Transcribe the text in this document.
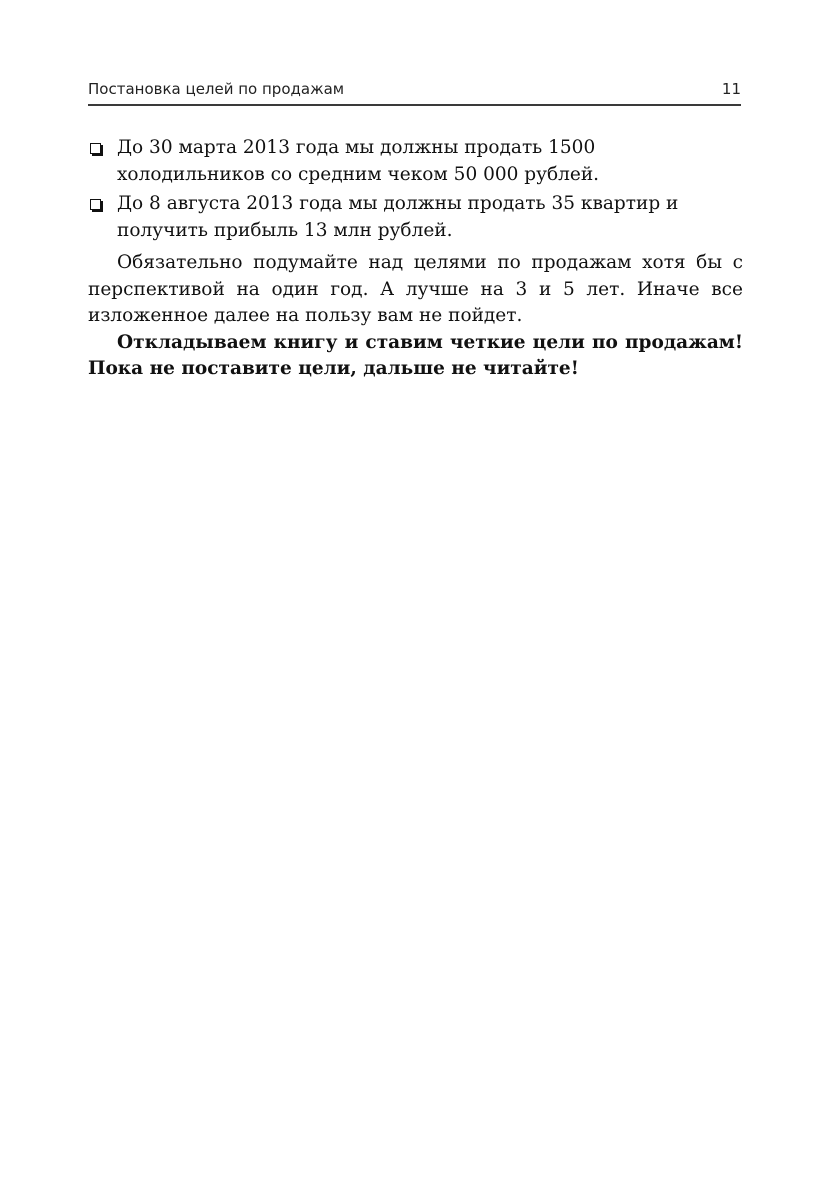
Постановка целей по продажам	11
До 30 марта 2013 года мы должны продать 1500 холодильников со средним чеком 50 000 рублей.
До 8 августа 2013 года мы должны продать 35 квартир и получить прибыль 13 млн рублей.

Обязательно подумайте над целями по продажам хотя бы с перспективой на один год. А лучше на 3 и 5 лет. Иначе все изложенное далее на пользу вам не пойдет.

Откладываем книгу и ставим четкие цели по продажам! Пока не поставите цели, дальше не читайте!
